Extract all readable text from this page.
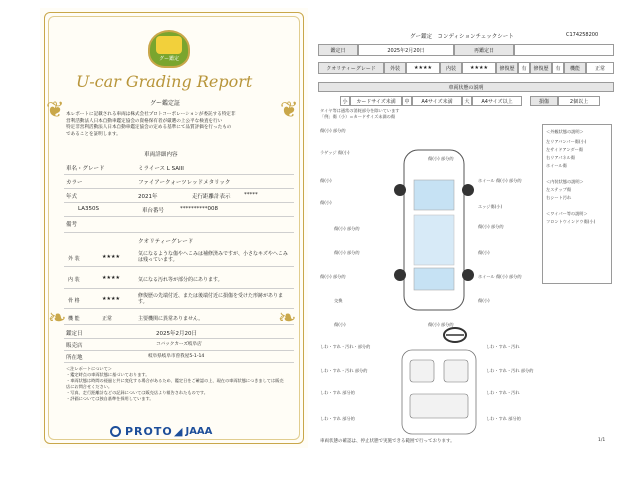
❦	❦
❧	❧
グー鑑定
U-car Grading Report
グー鑑定証
本レポートに記載される車両は株式会社プロトコーポレーションが委託する特定非
営利活動法人日本自動車鑑定協会の資格保有者が厳選の上公平な検査を行い
特定非営利活動法人日本自動車鑑定協会の定める基準にて品質評価を行ったもの
であることを証明します。
車両詳細内容
車名・グレード	ミライース L SAIII
カラー	ファイアークォーツレッドメタリック
年式	2021年	走行距離計表示 *****
LA350S	車台番号	**********008
備考
クオリティーグレード
外 装	★★★★	気になるような傷やへこみは補修済みですが、小さなキズやへこみは残っています。
内 装	★★★★	気になる汚れ等が部分的にあります。
骨 格	★★★★	修復歴の先端付近、または後端付近に損傷を受けた形跡があります。
機 能	正常	主要機関に異常ありません。
鑑定日	2025年2月20日
販売店	コバックカーズ岐阜店
所在地	岐阜県岐阜市曽我屋5-1-14
＜注レポートについて＞
・鑑定時点の車両状態に基づいております。
・車両状態は時間の経過と共に変化する場合があるため、鑑定日をご確認の上、現在の車両状態につきましては販売店にお問合せください。
・写真、走行距離計などの記録については販売店より報告されたものです。
・評価については独自基準を採用しています。
PROTO ◢ JAAA
グー鑑定　コンディションチェックシート	C174258200
鑑定日	2025年2月20日	再鑑定日
クオリティーグレード	外装	★★★★	内装	★★★★	修復歴	有	修復歴	有	機能	正常
車両状態の説明
小	カードサイズ未満	中	A4サイズ未満	大	A4サイズ以上	損傷	2個以上
タイヤ等は通常の消耗部分を除いています
「例」傷（小）＝カードサイズ未満の傷
ラゲッジ 傷(小)
傷(小)
傷(小)
傷(小) 部分的
傷(小) 部分的
傷(小) 部分的
交換
傷(小) 部分的
ホイール 傷(小) 部分的
エッジ傷(小)
傷(小) 部分的
傷(小)
ホイール 傷(小) 部分的
傷(小)
傷(小) 部分的
傷(小)
傷(小) 部分的	＜外観状態の説明＞
左リアバンパー傷(小)
左サイドアンダー傷
右リアパネル傷
ホイール傷
＜内装状態の説明＞
左ステップ傷
右シート汚れ
＜ワイパー等の説明＞
フロントウインドウ傷(小)
しわ・すれ・汚れ・部分的	しわ・すれ・汚れ
しわ・すれ・汚れ 部分的	しわ・すれ・汚れ 部分的
しわ・すれ 部分的	しわ・すれ・汚れ
しわ・すれ 部分的	しわ・すれ 部分的
車両状態の確認は、停止状態で実施できる範囲で行っております。	1/1
